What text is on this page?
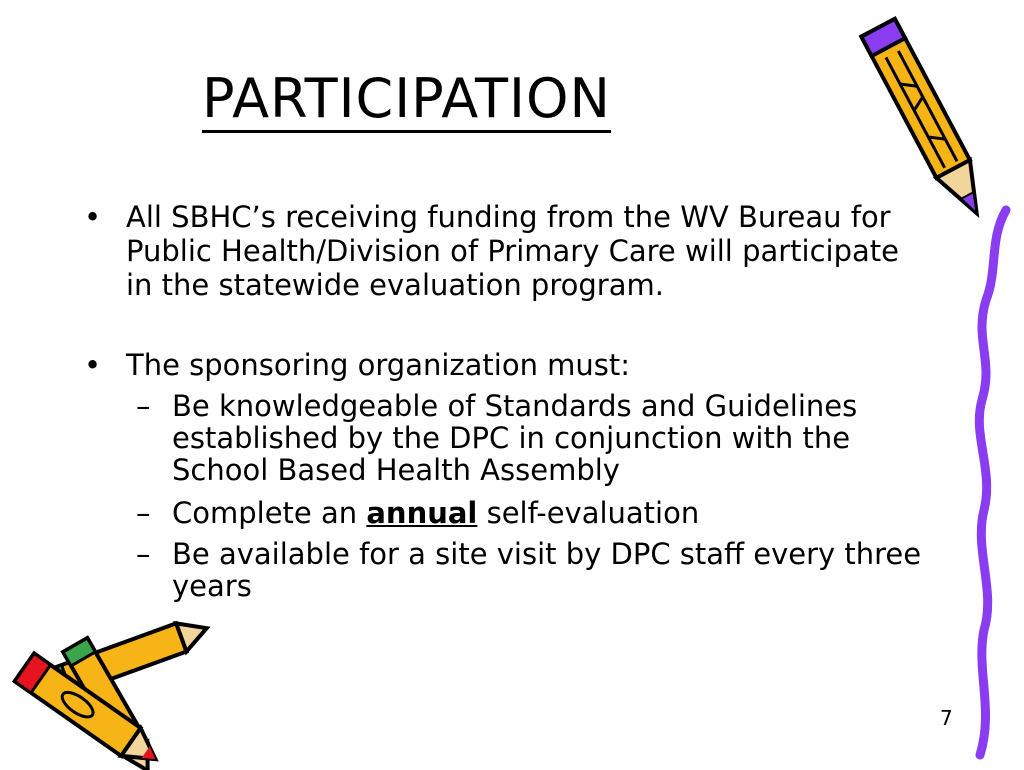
PARTICIPATION
• All SBHC’s receiving funding from the WV Bureau for Public Health/Division of Primary Care will participate in the statewide evaluation program.
• The sponsoring organization must:
– Be knowledgeable of Standards and Guidelines established by the DPC in conjunction with the School Based Health Assembly
– Complete an annual self-evaluation
– Be available for a site visit by DPC staff every three years
7
